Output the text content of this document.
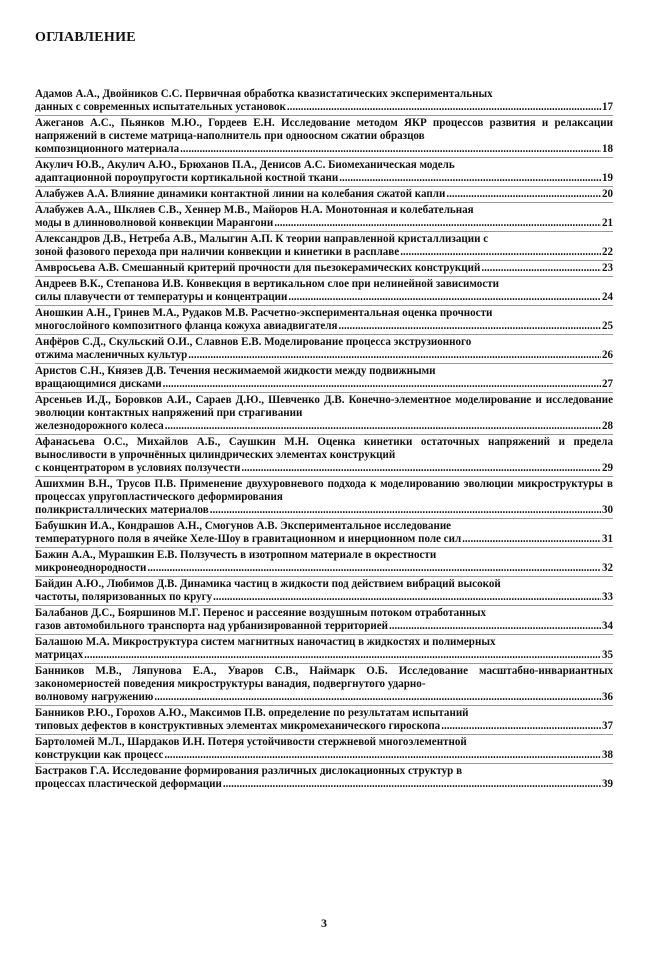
ОГЛАВЛЕНИЕ
Адамов А.А., Двойников С.С. Первичная обработка квазистатических экспериментальных
данных с современных испытательных установок .....	17
Ажеганов А.С., Пьянков М.Ю., Гордеев Е.Н. Исследование методом ЯКР процессов развития и релаксации напряжений в системе матрица-наполнитель при одноосном сжатии образцов
композиционного материала .....	18
Акулич Ю.В., Акулич А.Ю., Брюханов П.А., Денисов А.С. Биомеханическая модель
адаптационной пороупругости кортикальной костной ткани .....	19
Алабужев А.А. Влияние динамики контактной линии на колебания сжатой капли .....	20
Алабужев А.А., Шкляев С.В., Хеннер М.В., Майоров Н.А. Монотонная и колебательная
моды в длинноволновой конвекции Марангони .....	21
Александров Д.В., Нетреба А.В., Малыгин А.П. К теории направленной кристаллизации с
зоной фазового перехода при наличии конвекции и кинетики в расплаве .....	22
Амвросьева А.В. Смешанный критерий прочности для пьезокерамических конструкций .....	23
Андреев В.К., Степанова И.В. Конвекция в вертикальном слое при нелинейной зависимости
силы плавучести от температуры и концентрации .....	24
Аношкин А.Н., Гринев М.А., Рудаков М.В. Расчетно-экспериментальная оценка прочности
многослойного композитного фланца кожуха авиадвигателя .....	25
Анфёров С.Д., Скульский О.И., Славнов Е.В. Моделирование процесса экструзионного
отжима масленичных культур .....	26
Аристов С.Н., Князев Д.В. Течения несжимаемой жидкости между подвижными
вращающимися дисками .....	27
Арсеньев И.Д., Боровков А.И., Сараев Д.Ю., Шевченко Д.В. Конечно-элементное моделирование и исследование эволюции контактных напряжений при страгивании
железнодорожного колеса .....	28
Афанасьева О.С., Михайлов А.Б., Саушкин М.Н. Оценка кинетики остаточных напряжений и предела выносливости в упрочнённых цилиндрических элементах конструкций
с концентратором в условиях ползучести .....	29
Ашихмин В.Н., Трусов П.В. Применение двухуровневого подхода к моделированию эволюции микроструктуры в процессах упругопластического деформирования
поликристаллических материалов .....	30
Бабушкин И.А., Кондрашов А.Н., Смогунов А.В. Экспериментальное исследование
температурного поля в ячейке Хеле-Шоу в гравитационном и инерционном поле сил .....	31
Бажин А.А., Мурашкин Е.В. Ползучесть в изотропном материале в окрестности
микронеоднородности .....	32
Байдин А.Ю., Любимов Д.В. Динамика частиц в жидкости под действием вибраций высокой
частоты, поляризованных по кругу .....	33
Балабанов Д.С., Бояршинов М.Г. Перенос и рассеяние воздушным потоком отработанных
газов автомобильного транспорта над урбанизированной территорией .....	34
Балашою М.А. Микроструктура систем магнитных наночастиц в жидкостях и полимерных
матрицах .....	35
Банников М.В., Ляпунова Е.А., Уваров С.В., Наймарк О.Б. Исследование масштабно-инвариантных закономерностей поведения микроструктуры ванадия, подвергнутого ударно-
волновому нагружению .....	36
Банников Р.Ю., Горохов А.Ю., Максимов П.В. определение по результатам испытаний
типовых дефектов в конструктивных элементах микромеханического гироскопа .....	37
Бартоломей М.Л., Шардаков И.Н. Потеря устойчивости стержневой многоэлементной
конструкции как процесс .....	38
Бастраков Г.А. Исследование формирования различных дислокационных структур в
процессах пластической деформации .....	39
3
